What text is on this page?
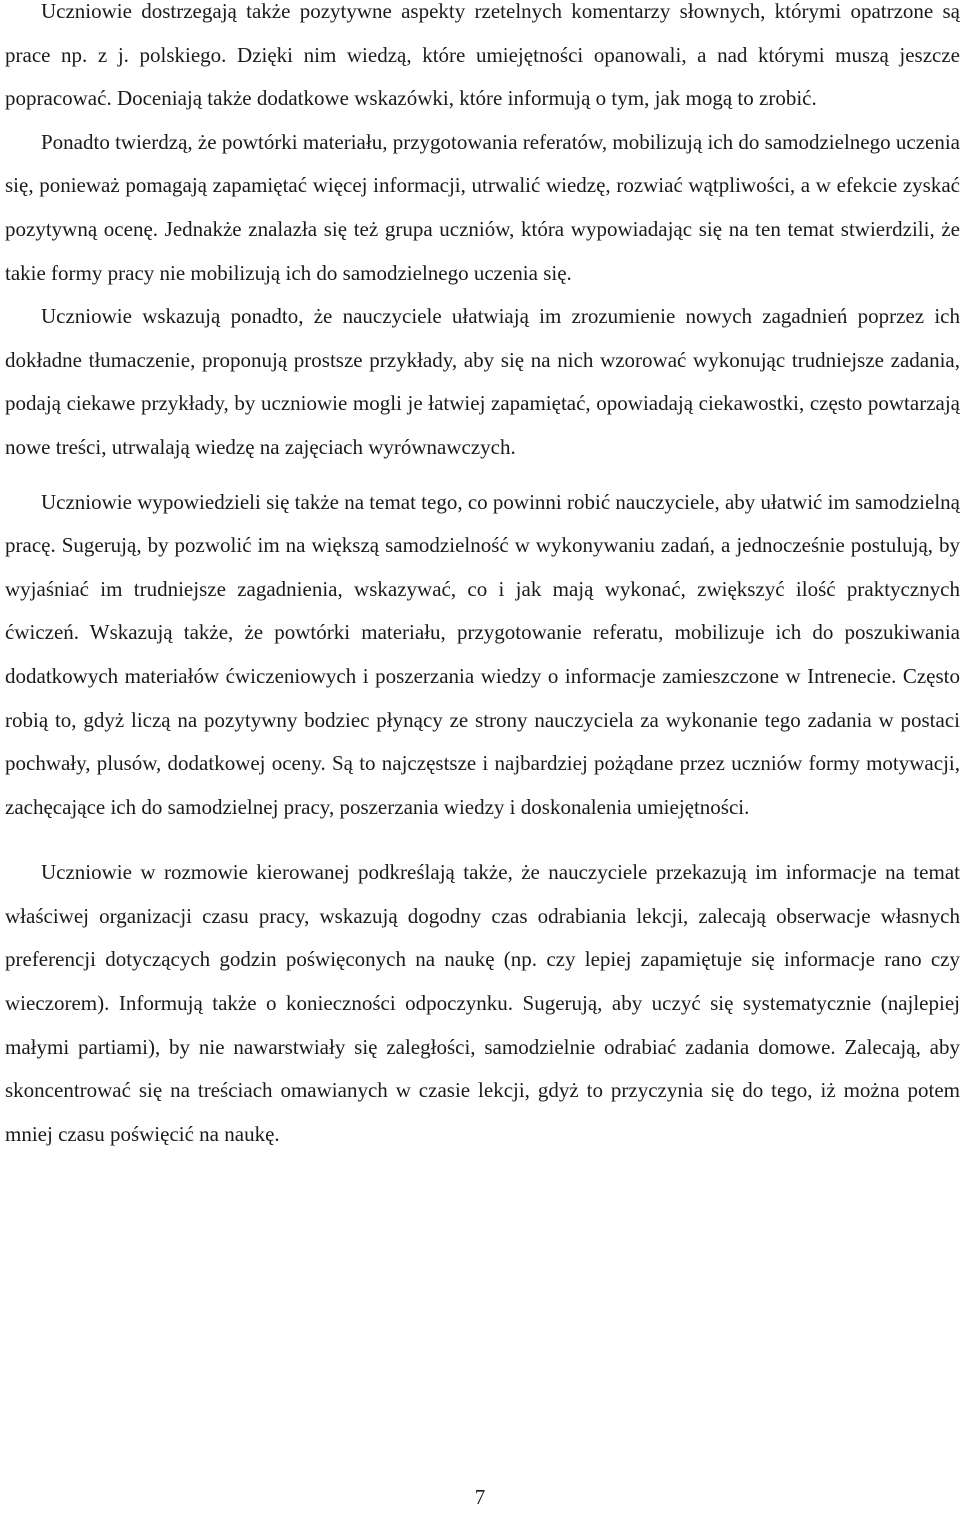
Uczniowie dostrzegają także pozytywne aspekty rzetelnych komentarzy słownych, którymi opatrzone są prace np. z j. polskiego. Dzięki nim wiedzą, które umiejętności opanowali, a nad którymi muszą jeszcze popracować. Doceniają także dodatkowe wskazówki, które informują o tym, jak mogą to zrobić.

Ponadto twierdzą, że powtórki materiału, przygotowania referatów, mobilizują ich do samodzielnego uczenia się, ponieważ pomagają zapamiętać więcej informacji, utrwalić wiedzę, rozwiać wątpliwości, a w efekcie zyskać pozytywną ocenę. Jednakże znalazła się też grupa uczniów, która wypowiadając się na ten temat stwierdzili, że takie formy pracy nie mobilizują ich do samodzielnego uczenia się.

Uczniowie wskazują ponadto, że nauczyciele ułatwiają im zrozumienie nowych zagadnień poprzez ich dokładne tłumaczenie, proponują prostsze przykłady, aby się na nich wzorować wykonując trudniejsze zadania, podają ciekawe przykłady, by uczniowie mogli je łatwiej zapamiętać, opowiadają ciekawostki, często powtarzają nowe treści, utrwalają wiedzę na zajęciach wyrównawczych.

Uczniowie wypowiedzieli się także na temat tego, co powinni robić nauczyciele, aby ułatwić im samodzielną pracę. Sugerują, by pozwolić im na większą samodzielność w wykonywaniu zadań, a jednocześnie postulują, by wyjaśniać im trudniejsze zagadnienia, wskazywać, co i jak mają wykonać, zwiększyć ilość praktycznych ćwiczeń. Wskazują także, że powtórki materiału, przygotowanie referatu, mobilizuje ich do poszukiwania dodatkowych materiałów ćwiczeniowych i poszerzania wiedzy o informacje zamieszczone w Intrenecie. Często robią to, gdyż liczą na pozytywny bodziec płynący ze strony nauczyciela za wykonanie tego zadania w postaci pochwały, plusów, dodatkowej oceny. Są to najczęstsze i najbardziej pożądane przez uczniów formy motywacji, zachęcające ich do samodzielnej pracy, poszerzania wiedzy i doskonalenia umiejętności.

Uczniowie w rozmowie kierowanej podkreślają także, że nauczyciele przekazują im informacje na temat właściwej organizacji czasu pracy, wskazują dogodny czas odrabiania lekcji, zalecają obserwacje własnych preferencji dotyczących godzin poświęconych na naukę (np. czy lepiej zapamiętuje się informacje rano czy wieczorem). Informują także o konieczności odpoczynku. Sugerują, aby uczyć się systematycznie (najlepiej małymi partiami), by nie nawarstwiały się zaległości, samodzielnie odrabiać zadania domowe. Zalecają, aby skoncentrować się na treściach omawianych w czasie lekcji, gdyż to przyczynia się do tego, iż można potem mniej czasu poświęcić na naukę.

7
